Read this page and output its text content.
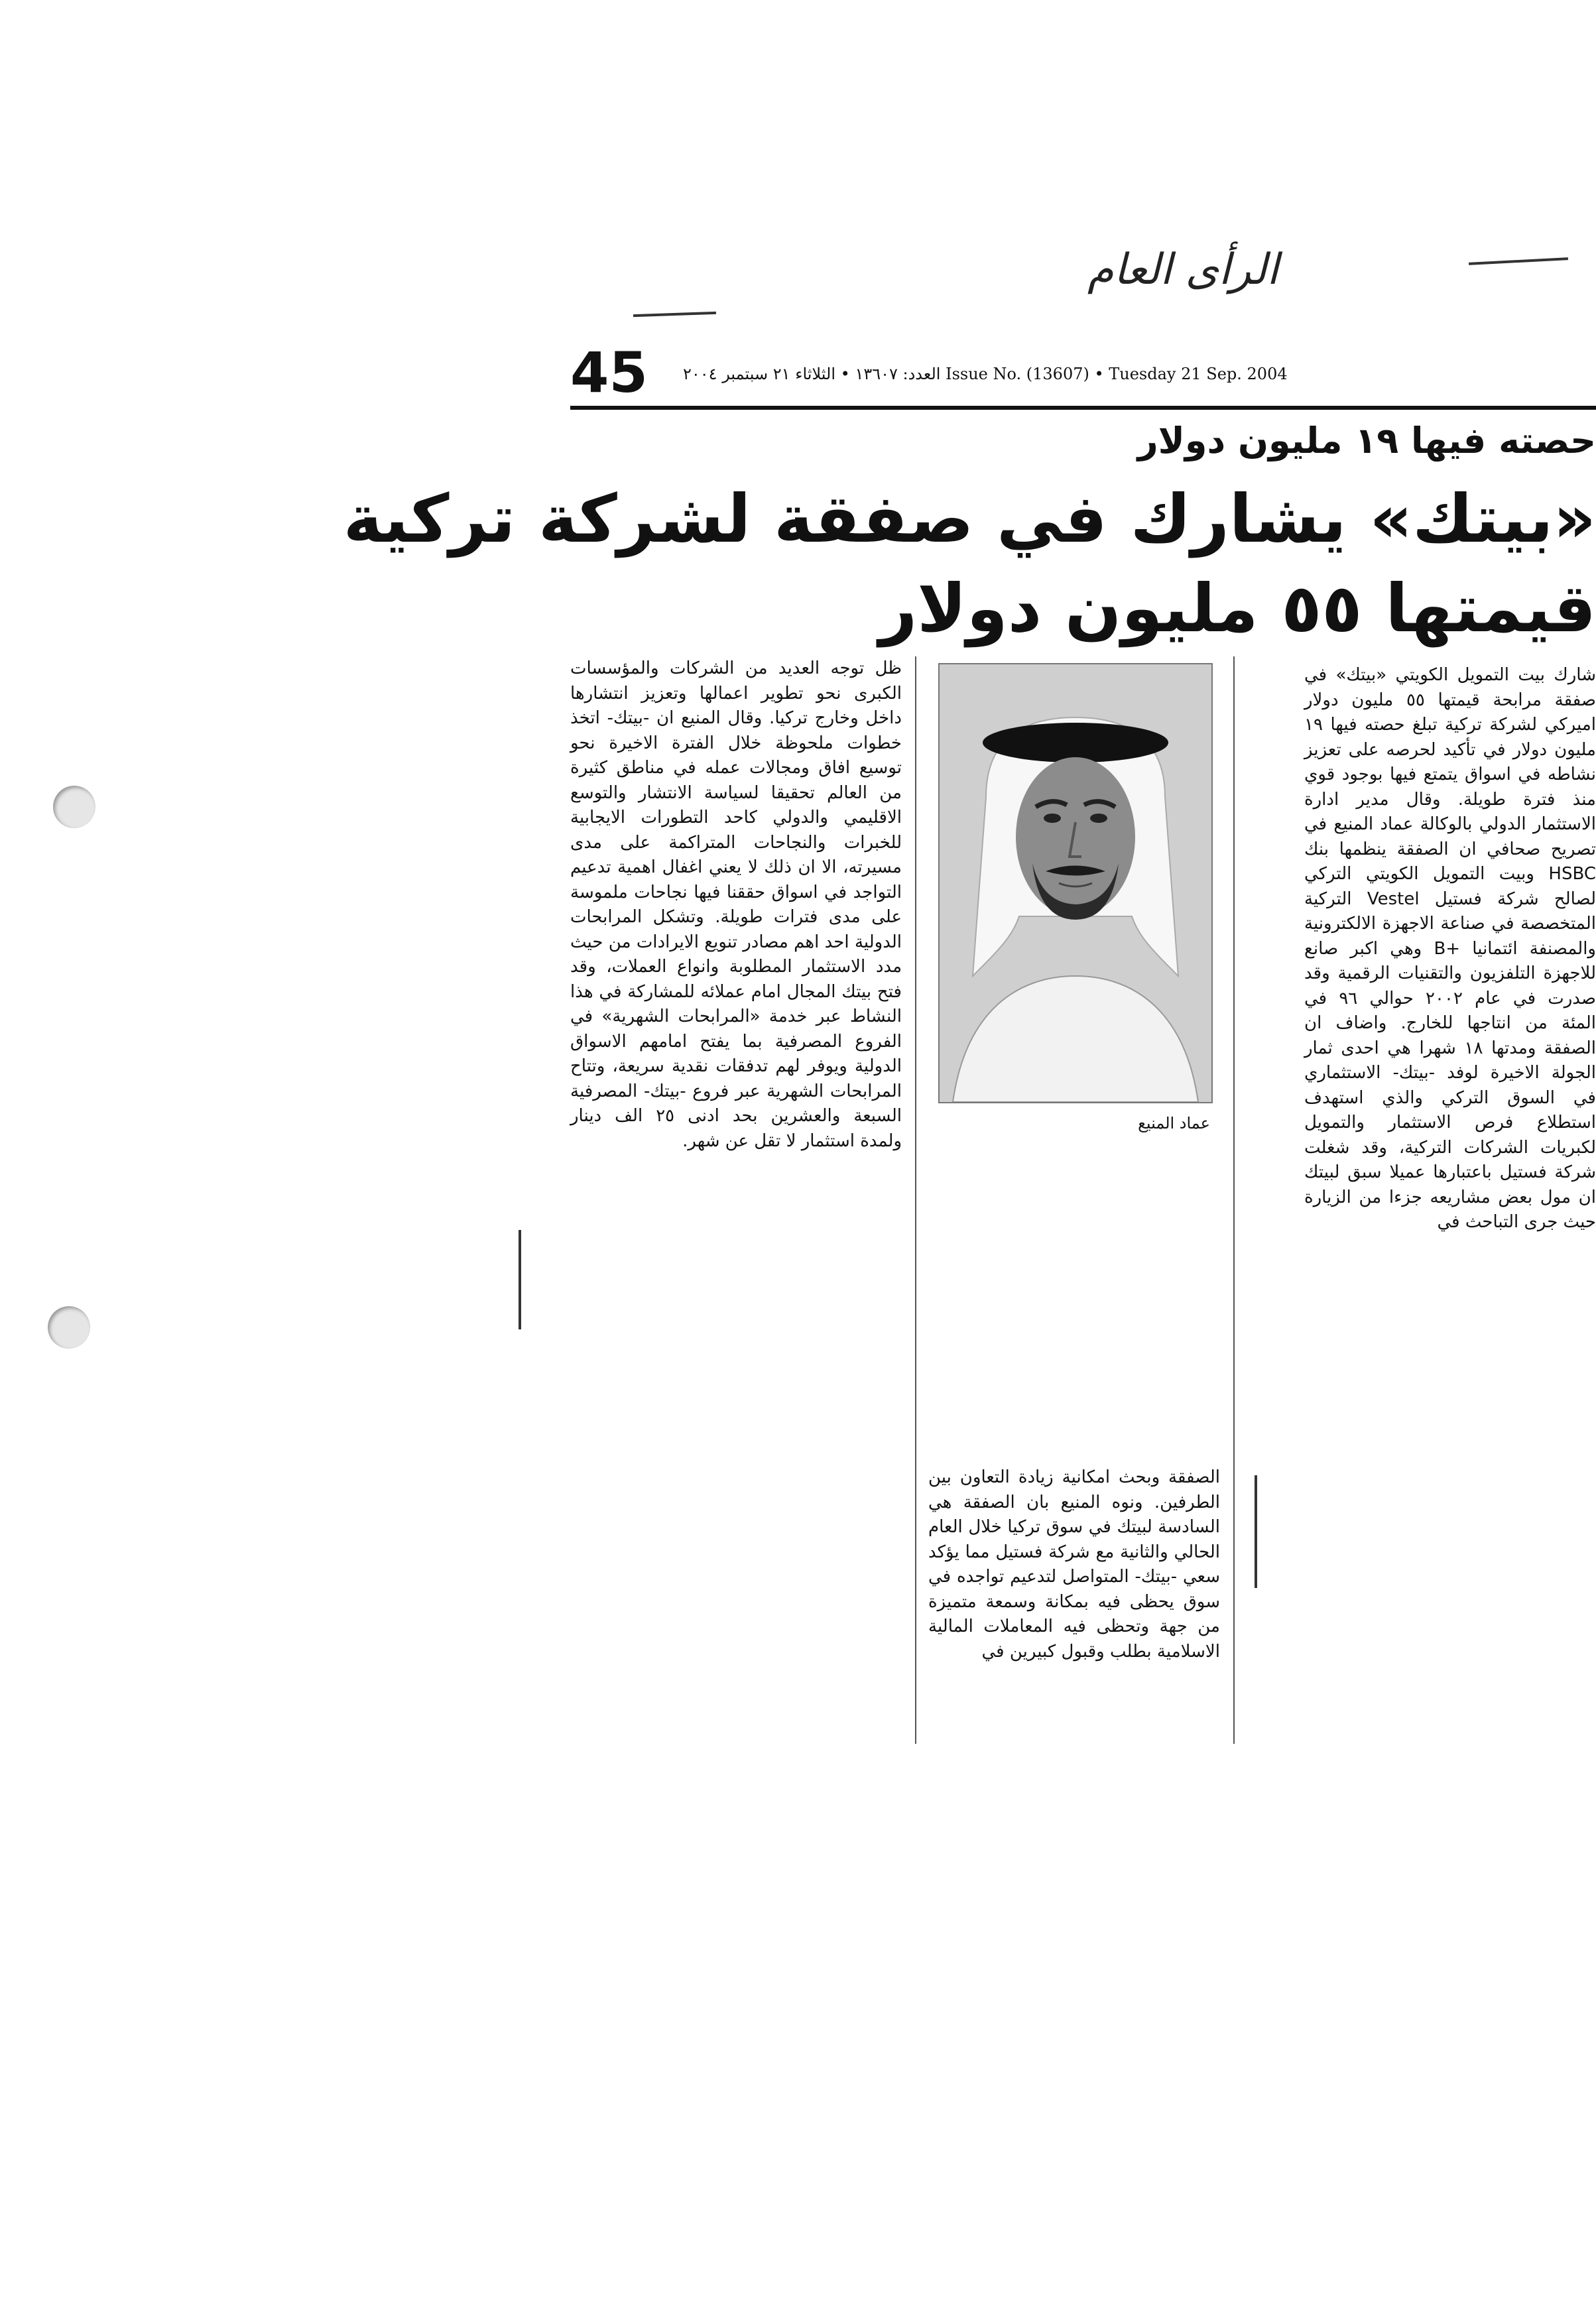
الرأى العام
45 العدد: ١٣٦٠٧ • الثلاثاء ٢١ سبتمبر ٢٠٠٤ Issue No. (13607) • Tuesday 21 Sep. 2004
حصته فيها ١٩ مليون دولار
«بيتك» يشارك في صفقة لشركة تركية
قيمتها ٥٥ مليون دولار

شارك بيت التمويل الكويتي «بيتك» في صفقة مرابحة قيمتها ٥٥ مليون دولار اميركي لشركة تركية تبلغ حصته فيها ١٩ مليون دولار في تأكيد لحرصه على تعزيز نشاطه في اسواق يتمتع فيها بوجود قوي منذ فترة طويلة. وقال مدير ادارة الاستثمار الدولي بالوكالة عماد المنيع في تصريح صحافي ان الصفقة ينظمها بنك HSBC وبيت التمويل الكويتي التركي لصالح شركة فستيل Vestel التركية المتخصصة في صناعة الاجهزة الالكترونية والمصنفة ائتمانيا +B وهي اكبر صانع للاجهزة التلفزيون والتقنيات الرقمية وقد صدرت في عام ٢٠٠٢ حوالي ٩٦ في المئة من انتاجها للخارج. واضاف ان الصفقة ومدتها ١٨ شهرا هي احدى ثمار الجولة الاخيرة لوفد -بيتك- الاستثماري في السوق التركي والذي استهدف استطلاع فرص الاستثمار والتمويل لكبريات الشركات التركية، وقد شغلت شركة فستيل باعتبارها عميلا سبق لبيتك ان مول بعض مشاريعه جزءا من الزيارة حيث جرى التباحث في

عماد المنيع

الصفقة وبحث امكانية زيادة التعاون بين الطرفين. ونوه المنيع بان الصفقة هي السادسة لبيتك في سوق تركيا خلال العام الحالي والثانية مع شركة فستيل مما يؤكد سعي -بيتك- المتواصل لتدعيم تواجده في سوق يحظى فيه بمكانة وسمعة متميزة من جهة وتحظى فيه المعاملات المالية الاسلامية بطلب وقبول كبيرين في

ظل توجه العديد من الشركات والمؤسسات الكبرى نحو تطوير اعمالها وتعزيز انتشارها داخل وخارج تركيا. وقال المنيع ان -بيتك- اتخذ خطوات ملحوظة خلال الفترة الاخيرة نحو توسيع افاق ومجالات عمله في مناطق كثيرة من العالم تحقيقا لسياسة الانتشار والتوسع الاقليمي والدولي كاحد التطورات الايجابية للخبرات والنجاحات المتراكمة على مدى مسيرته، الا ان ذلك لا يعني اغفال اهمية تدعيم التواجد في اسواق حققنا فيها نجاحات ملموسة على مدى فترات طويلة. وتشكل المرابحات الدولية احد اهم مصادر تنويع الايرادات من حيث مدد الاستثمار المطلوبة وانواع العملات، وقد فتح بيتك المجال امام عملائه للمشاركة في هذا النشاط عبر خدمة «المرابحات الشهرية» في الفروع المصرفية بما يفتح امامهم الاسواق الدولية ويوفر لهم تدفقات نقدية سريعة، وتتاح المرابحات الشهرية عبر فروع -بيتك- المصرفية السبعة والعشرين بحد ادنى ٢٥ الف دينار ولمدة استثمار لا تقل عن شهر.
